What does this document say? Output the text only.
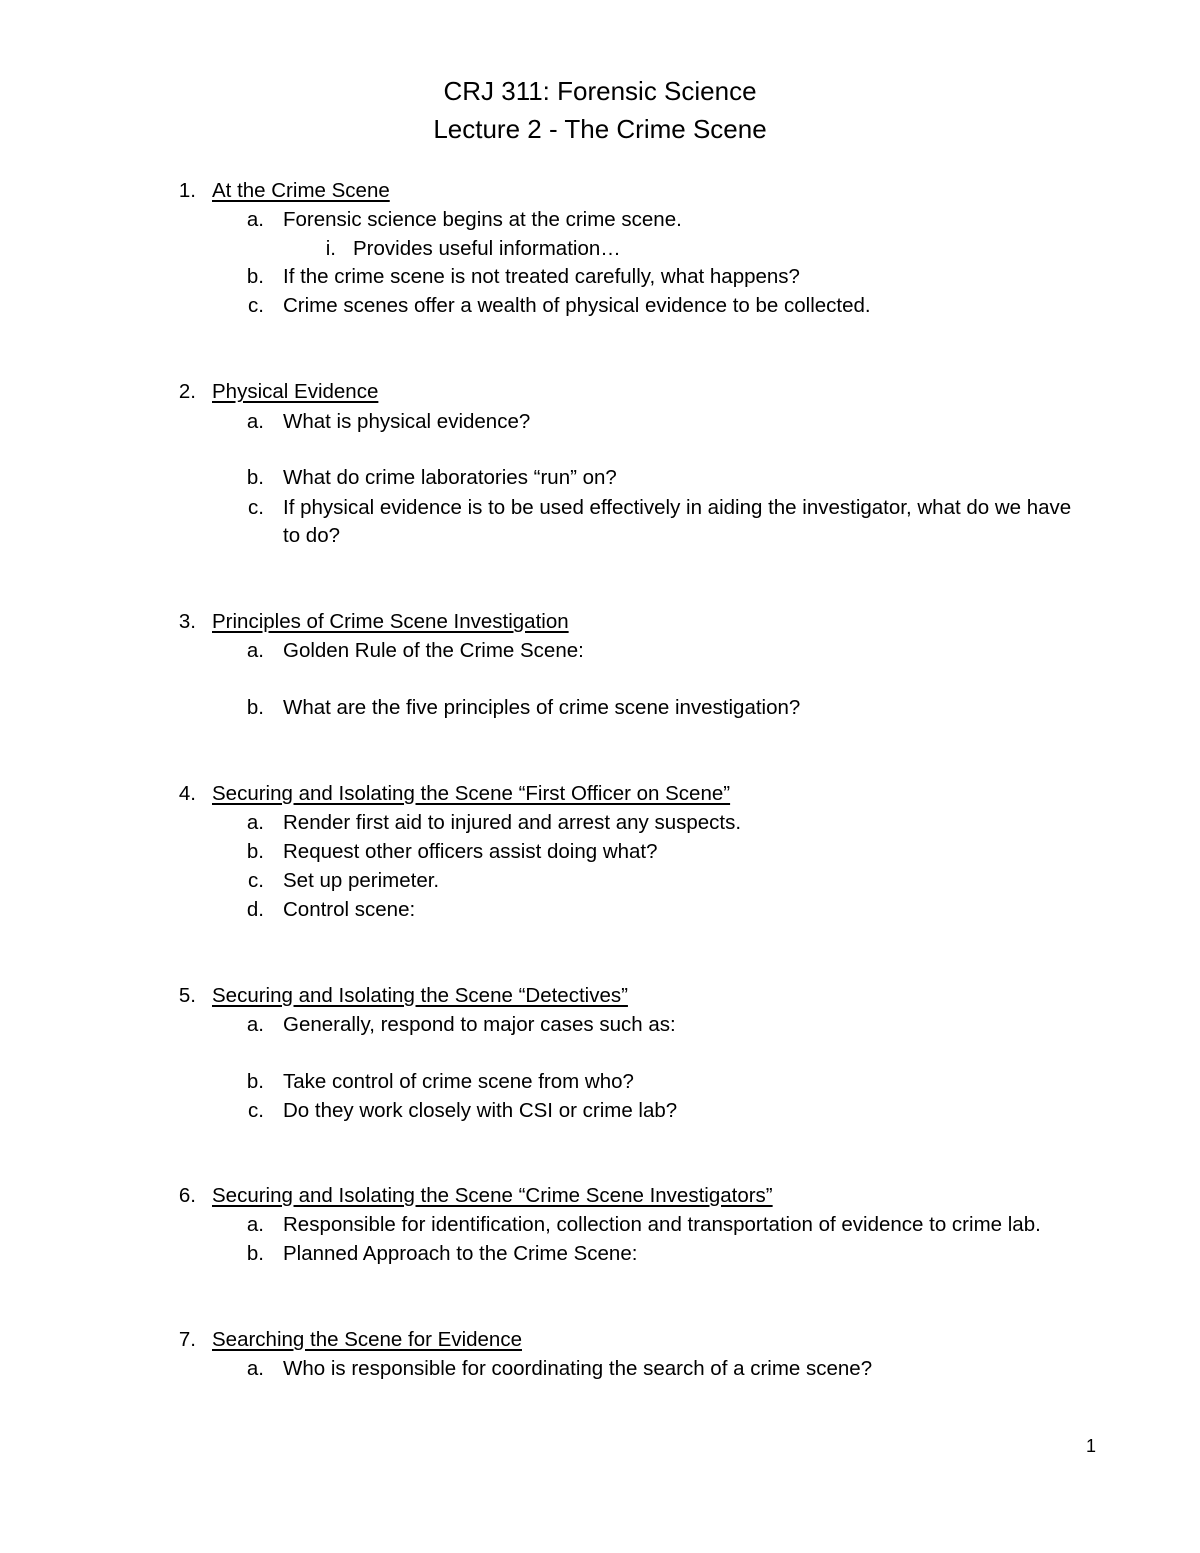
CRJ 311: Forensic Science
Lecture 2 - The Crime Scene
1. At the Crime Scene
a. Forensic science begins at the crime scene.
i. Provides useful information…
b. If the crime scene is not treated carefully, what happens?
c. Crime scenes offer a wealth of physical evidence to be collected.
2. Physical Evidence
a. What is physical evidence?
b. What do crime laboratories “run” on?
c. If physical evidence is to be used effectively in aiding the investigator, what do we have
to do?
3. Principles of Crime Scene Investigation
a. Golden Rule of the Crime Scene:
b. What are the five principles of crime scene investigation?
4. Securing and Isolating the Scene “First Officer on Scene”
a. Render first aid to injured and arrest any suspects.
b. Request other officers assist doing what?
c. Set up perimeter.
d. Control scene:
5. Securing and Isolating the Scene “Detectives”
a. Generally, respond to major cases such as:
b. Take control of crime scene from who?
c. Do they work closely with CSI or crime lab?
6. Securing and Isolating the Scene “Crime Scene Investigators”
a. Responsible for identification, collection and transportation of evidence to crime lab.
b. Planned Approach to the Crime Scene:
7. Searching the Scene for Evidence
a. Who is responsible for coordinating the search of a crime scene?
1
